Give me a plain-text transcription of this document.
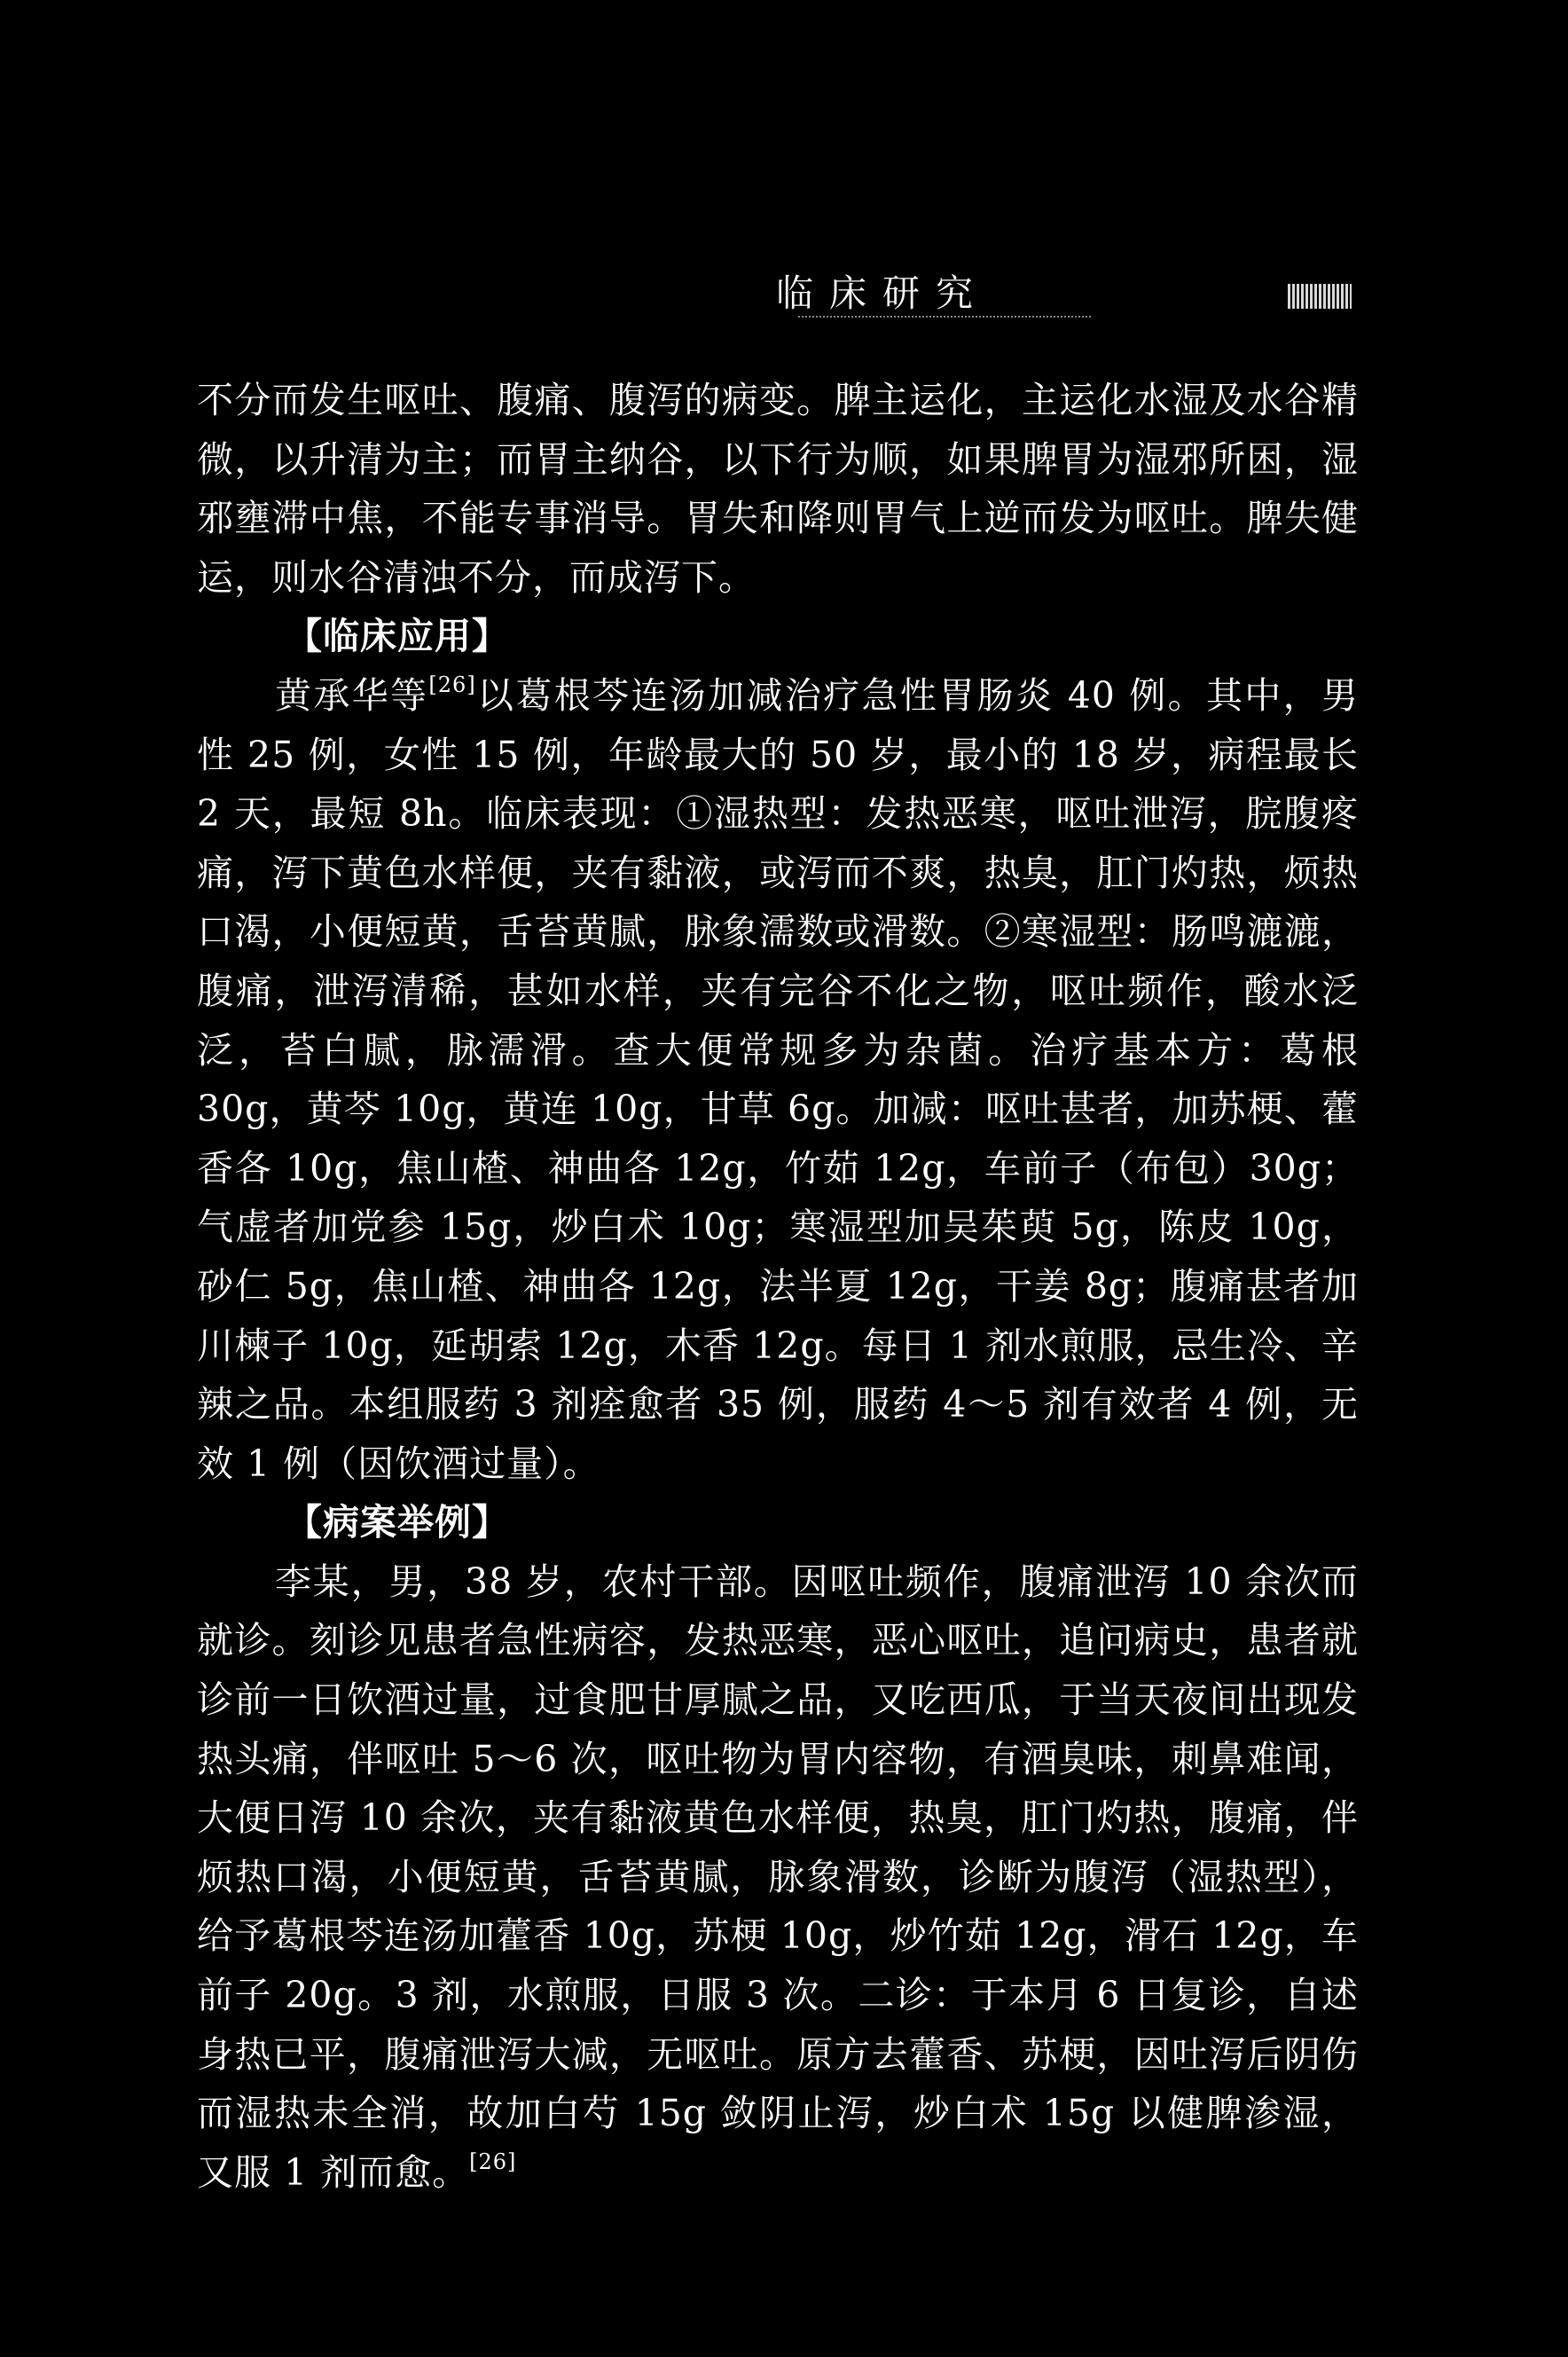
临床研究

不分而发生呕吐、腹痛、腹泻的病变。脾主运化，主运化水湿及水谷精微，以升清为主；而胃主纳谷，以下行为顺，如果脾胃为湿邪所困，湿邪壅滞中焦，不能专事消导。胃失和降则胃气上逆而发为呕吐。脾失健运，则水谷清浊不分，而成泻下。

【临床应用】

黄承华等[26]以葛根芩连汤加减治疗急性胃肠炎 40 例。其中，男性 25 例，女性 15 例，年龄最大的 50 岁，最小的 18 岁，病程最长 2 天，最短 8h。临床表现：①湿热型：发热恶寒，呕吐泄泻，脘腹疼痛，泻下黄色水样便，夹有黏液，或泻而不爽，热臭，肛门灼热，烦热口渴，小便短黄，舌苔黄腻，脉象濡数或滑数。②寒湿型：肠鸣漉漉，腹痛，泄泻清稀，甚如水样，夹有完谷不化之物，呕吐频作，酸水泛泛，苔白腻，脉濡滑。查大便常规多为杂菌。治疗基本方：葛根 30g，黄芩 10g，黄连 10g，甘草 6g。加减：呕吐甚者，加苏梗、藿香各 10g，焦山楂、神曲各 12g，竹茹 12g，车前子（布包）30g；气虚者加党参 15g，炒白术 10g；寒湿型加吴茱萸 5g，陈皮 10g，砂仁 5g，焦山楂、神曲各 12g，法半夏 12g，干姜 8g；腹痛甚者加川楝子 10g，延胡索 12g，木香 12g。每日 1 剂水煎服，忌生冷、辛辣之品。本组服药 3 剂痊愈者 35 例，服药 4～5 剂有效者 4 例，无效 1 例（因饮酒过量）。

【病案举例】

李某，男，38 岁，农村干部。因呕吐频作，腹痛泄泻 10 余次而就诊。刻诊见患者急性病容，发热恶寒，恶心呕吐，追问病史，患者就诊前一日饮酒过量，过食肥甘厚腻之品，又吃西瓜，于当天夜间出现发热头痛，伴呕吐 5～6 次，呕吐物为胃内容物，有酒臭味，刺鼻难闻，大便日泻 10 余次，夹有黏液黄色水样便，热臭，肛门灼热，腹痛，伴烦热口渴，小便短黄，舌苔黄腻，脉象滑数，诊断为腹泻（湿热型），给予葛根芩连汤加藿香 10g，苏梗 10g，炒竹茹 12g，滑石 12g，车前子 20g。3 剂，水煎服，日服 3 次。二诊：于本月 6 日复诊，自述身热已平，腹痛泄泻大减，无呕吐。原方去藿香、苏梗，因吐泻后阴伤而湿热未全消，故加白芍 15g 敛阴止泻，炒白术 15g 以健脾渗湿，又服 1 剂而愈。[26]
